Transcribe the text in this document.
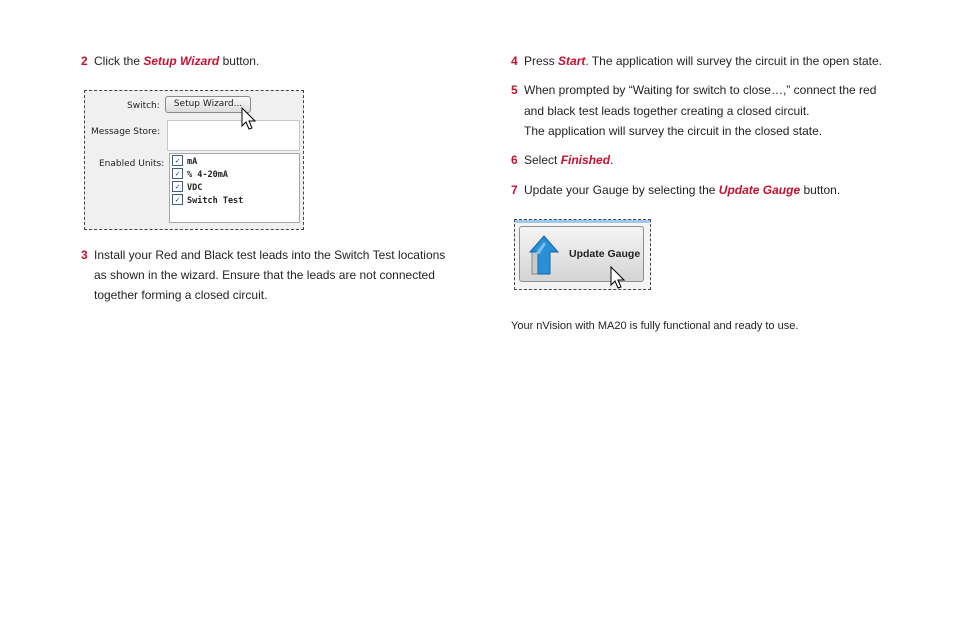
2 Click the Setup Wizard button.
Switch:	Setup Wizard...
Message Store:
Enabled Units:	✓ mA
✓ % 4-20mA
✓ VDC
✓ Switch Test
3 Install your Red and Black test leads into the Switch Test locations
as shown in the wizard. Ensure that the leads are not connected
together forming a closed circuit.
4 Press Start. The application will survey the circuit in the open state.
5 When prompted by “Waiting for switch to close…,” connect the red
and black test leads together creating a closed circuit.
The application will survey the circuit in the closed state.
6 Select Finished.
7 Update your Gauge by selecting the Update Gauge button.
Update Gauge
Your nVision with MA20 is fully functional and ready to use.
